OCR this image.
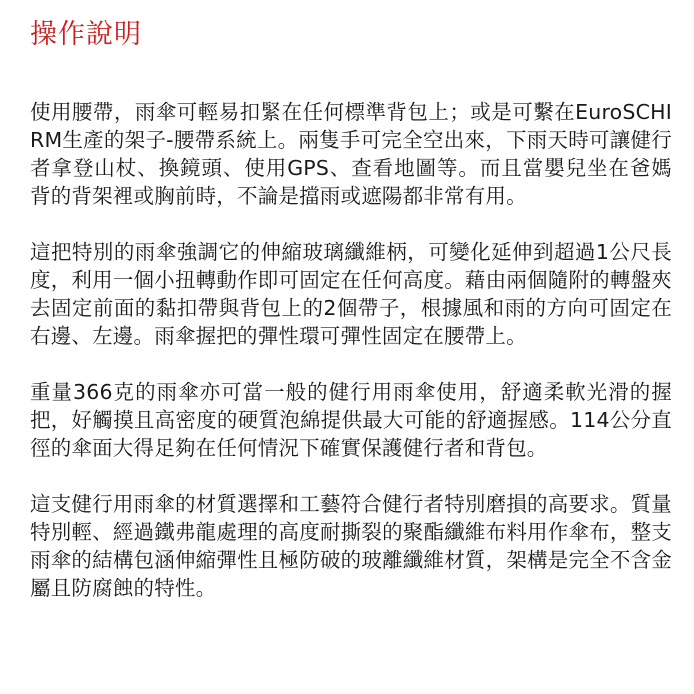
操作說明

使用腰帶，雨傘可輕易扣緊在任何標準背包上；或是可繫在EuroSCHIRM生產的架子-腰帶系統上。兩隻手可完全空出來，下雨天時可讓健行者拿登山杖、換鏡頭、使用GPS、查看地圖等。而且當嬰兒坐在爸媽背的背架裡或胸前時，不論是擋雨或遮陽都非常有用。

這把特別的雨傘強調它的伸縮玻璃纖維柄，可變化延伸到超過1公尺長度，利用一個小扭轉動作即可固定在任何高度。藉由兩個隨附的轉盤夾去固定前面的黏扣帶與背包上的2個帶子，根據風和雨的方向可固定在右邊、左邊。雨傘握把的彈性環可彈性固定在腰帶上。

重量366克的雨傘亦可當一般的健行用雨傘使用，舒適柔軟光滑的握把，好觸摸且高密度的硬質泡綿提供最大可能的舒適握感。114公分直徑的傘面大得足夠在任何情況下確實保護健行者和背包。

這支健行用雨傘的材質選擇和工藝符合健行者特別磨損的高要求。質量特別輕、經過鐵弗龍處理的高度耐撕裂的聚酯纖維布料用作傘布，整支雨傘的結構包涵伸縮彈性且極防破的玻離纖維材質，架構是完全不含金屬且防腐蝕的特性。
